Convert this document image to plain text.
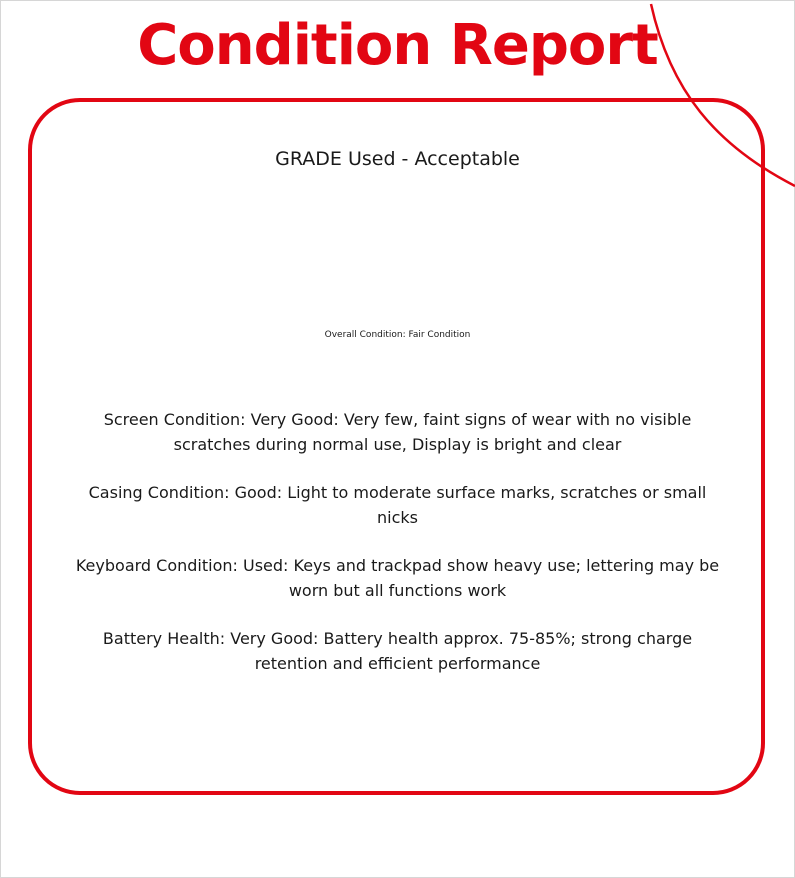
Condition Report
GRADE Used - Acceptable
Overall Condition: Fair Condition

Screen Condition: Very Good: Very few, faint signs of wear with no visible scratches during normal use, Display is bright and clear

Casing Condition: Good: Light to moderate surface marks, scratches or small nicks

Keyboard Condition: Used: Keys and trackpad show heavy use; lettering may be worn but all functions work

Battery Health: Very Good: Battery health approx. 75-85%; strong charge retention and efficient performance
